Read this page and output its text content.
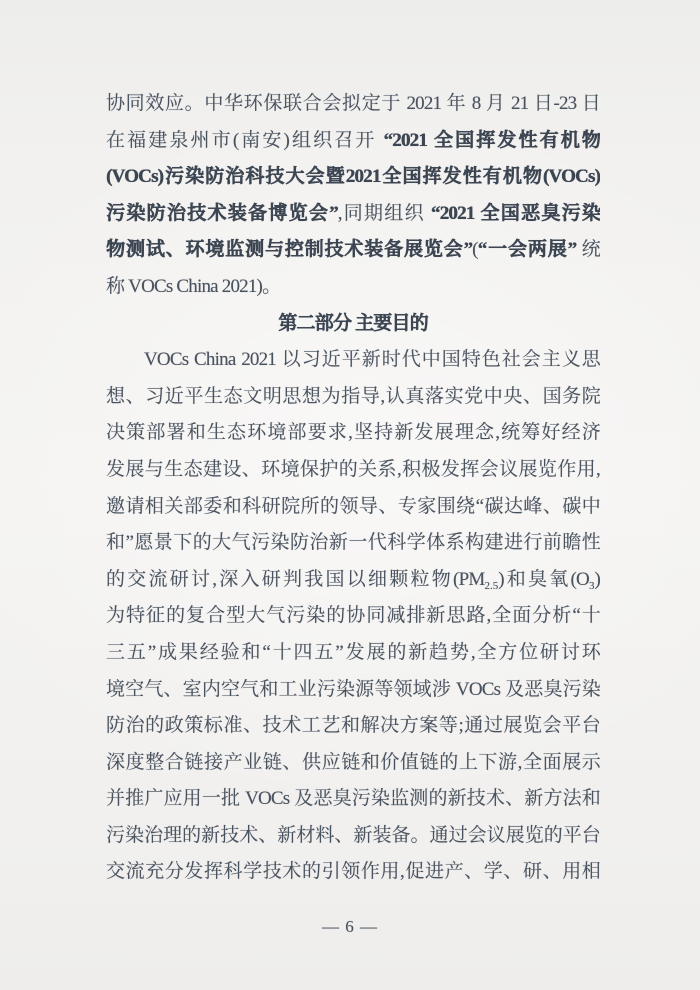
协同效应。中华环保联合会拟定于 2021 年 8 月 21 日-23 日
在福建泉州市(南安)组织召开 “2021 全国挥发性有机物
(VOCs)污染防治科技大会暨2021全国挥发性有机物(VOCs)
污染防治技术装备博览会”,同期组织 “2021 全国恶臭污染
物测试、环境监测与控制技术装备展览会”(“一会两展” 统
称 VOCs China 2021)。
第二部分 主要目的
VOCs China 2021 以习近平新时代中国特色社会主义思
想、习近平生态文明思想为指导,认真落实党中央、国务院
决策部署和生态环境部要求,坚持新发展理念,统筹好经济
发展与生态建设、环境保护的关系,积极发挥会议展览作用,
邀请相关部委和科研院所的领导、专家围绕“碳达峰、碳中
和”愿景下的大气污染防治新一代科学体系构建进行前瞻性
的交流研讨,深入研判我国以细颗粒物$(PM_{2.5})$和臭氧$(O_3)$
为特征的复合型大气污染的协同减排新思路,全面分析“十
三五”成果经验和“十四五”发展的新趋势,全方位研讨环
境空气、室内空气和工业污染源等领域涉 VOCs 及恶臭污染
防治的政策标准、技术工艺和解决方案等;通过展览会平台
深度整合链接产业链、供应链和价值链的上下游,全面展示
并推广应用一批 VOCs 及恶臭污染监测的新技术、新方法和
污染治理的新技术、新材料、新装备。通过会议展览的平台
交流充分发挥科学技术的引领作用,促进产、学、研、用相
— 6 —
